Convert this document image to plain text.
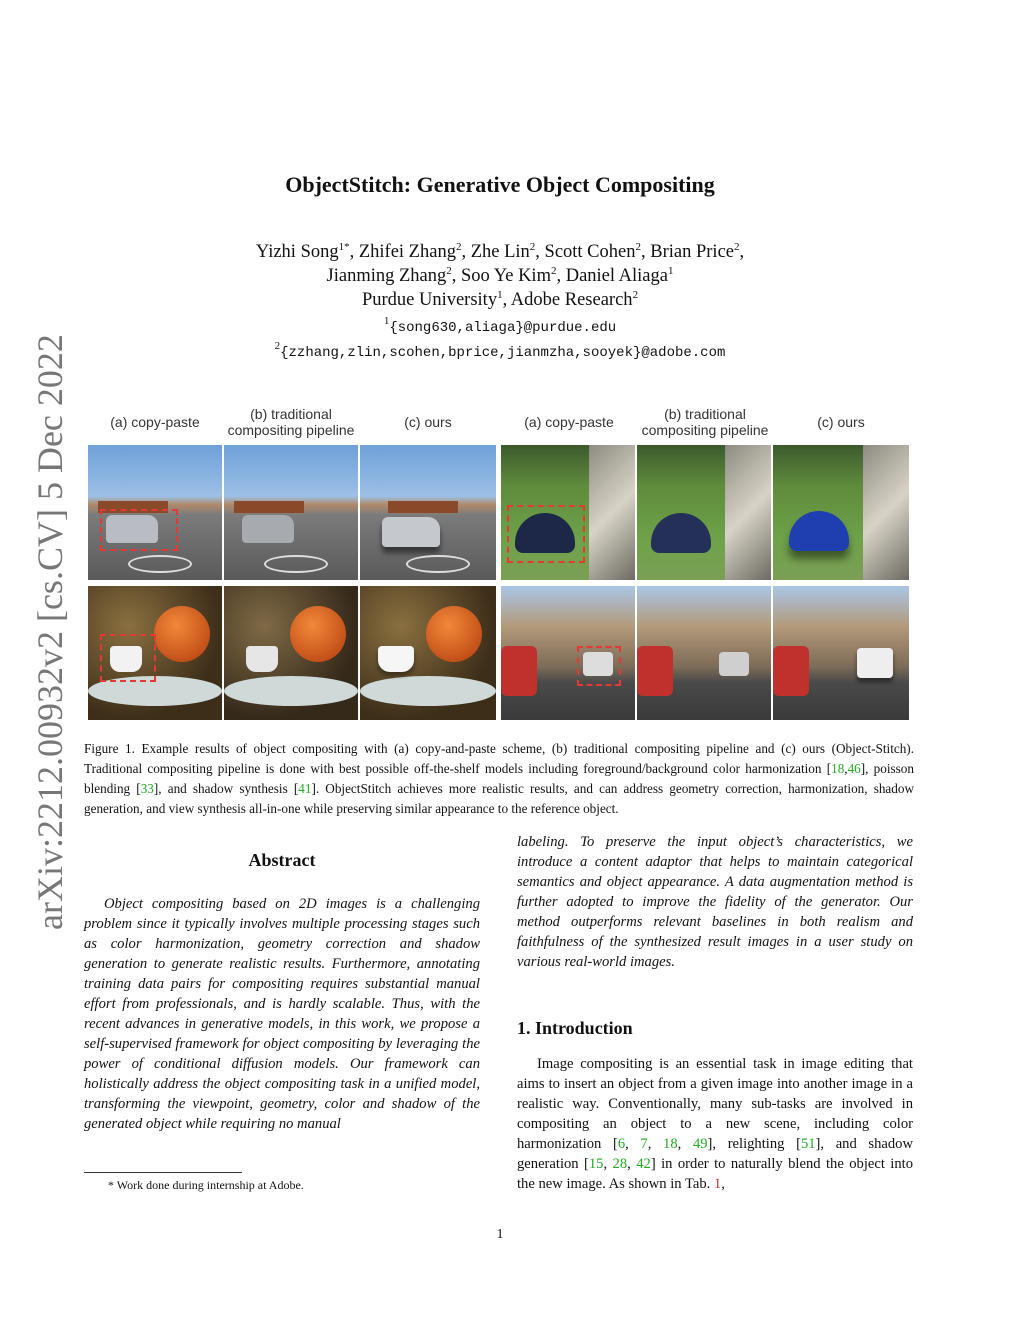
arXiv:2212.00932v2 [cs.CV] 5 Dec 2022
ObjectStitch: Generative Object Compositing
Yizhi Song$^{1*}$, Zhifei Zhang$^2$, Zhe Lin$^2$, Scott Cohen$^2$, Brian Price$^2$,
Jianming Zhang$^2$, Soo Ye Kim$^2$, Daniel Aliaga$^1$
Purdue University$^1$, Adobe Research$^2$
$^1${song630,aliaga}@purdue.edu
$^2${zzhang,zlin,scohen,bprice,jianmzha,sooyek}@adobe.com
(a) copy-paste	(b) traditional
compositing pipeline	(c) ours	(a) copy-paste	(b) traditional
compositing pipeline	(c) ours
Figure 1. Example results of object compositing with (a) copy-and-paste scheme, (b) traditional compositing pipeline and (c) ours (Object-Stitch). Traditional compositing pipeline is done with best possible off-the-shelf models including foreground/background color harmonization [18,46], poisson blending [33], and shadow synthesis [41]. ObjectStitch achieves more realistic results, and can address geometry correction, harmonization, shadow generation, and view synthesis all-in-one while preserving similar appearance to the reference object.
Abstract
Object compositing based on 2D images is a challenging problem since it typically involves multiple processing stages such as color harmonization, geometry correction and shadow generation to generate realistic results. Furthermore, annotating training data pairs for compositing requires substantial manual effort from professionals, and is hardly scalable. Thus, with the recent advances in generative models, in this work, we propose a self-supervised framework for object compositing by leveraging the power of conditional diffusion models. Our framework can holistically address the object compositing task in a unified model, transforming the viewpoint, geometry, color and shadow of the generated object while requiring no manual
* Work done during internship at Adobe.
labeling. To preserve the input object’s characteristics, we introduce a content adaptor that helps to maintain categorical semantics and object appearance. A data augmentation method is further adopted to improve the fidelity of the generator. Our method outperforms relevant baselines in both realism and faithfulness of the synthesized result images in a user study on various real-world images.
1. Introduction
Image compositing is an essential task in image editing that aims to insert an object from a given image into another image in a realistic way. Conventionally, many sub-tasks are involved in compositing an object to a new scene, including color harmonization [6, 7, 18, 49], relighting [51], and shadow generation [15, 28, 42] in order to naturally blend the object into the new image. As shown in Tab. 1,
1
